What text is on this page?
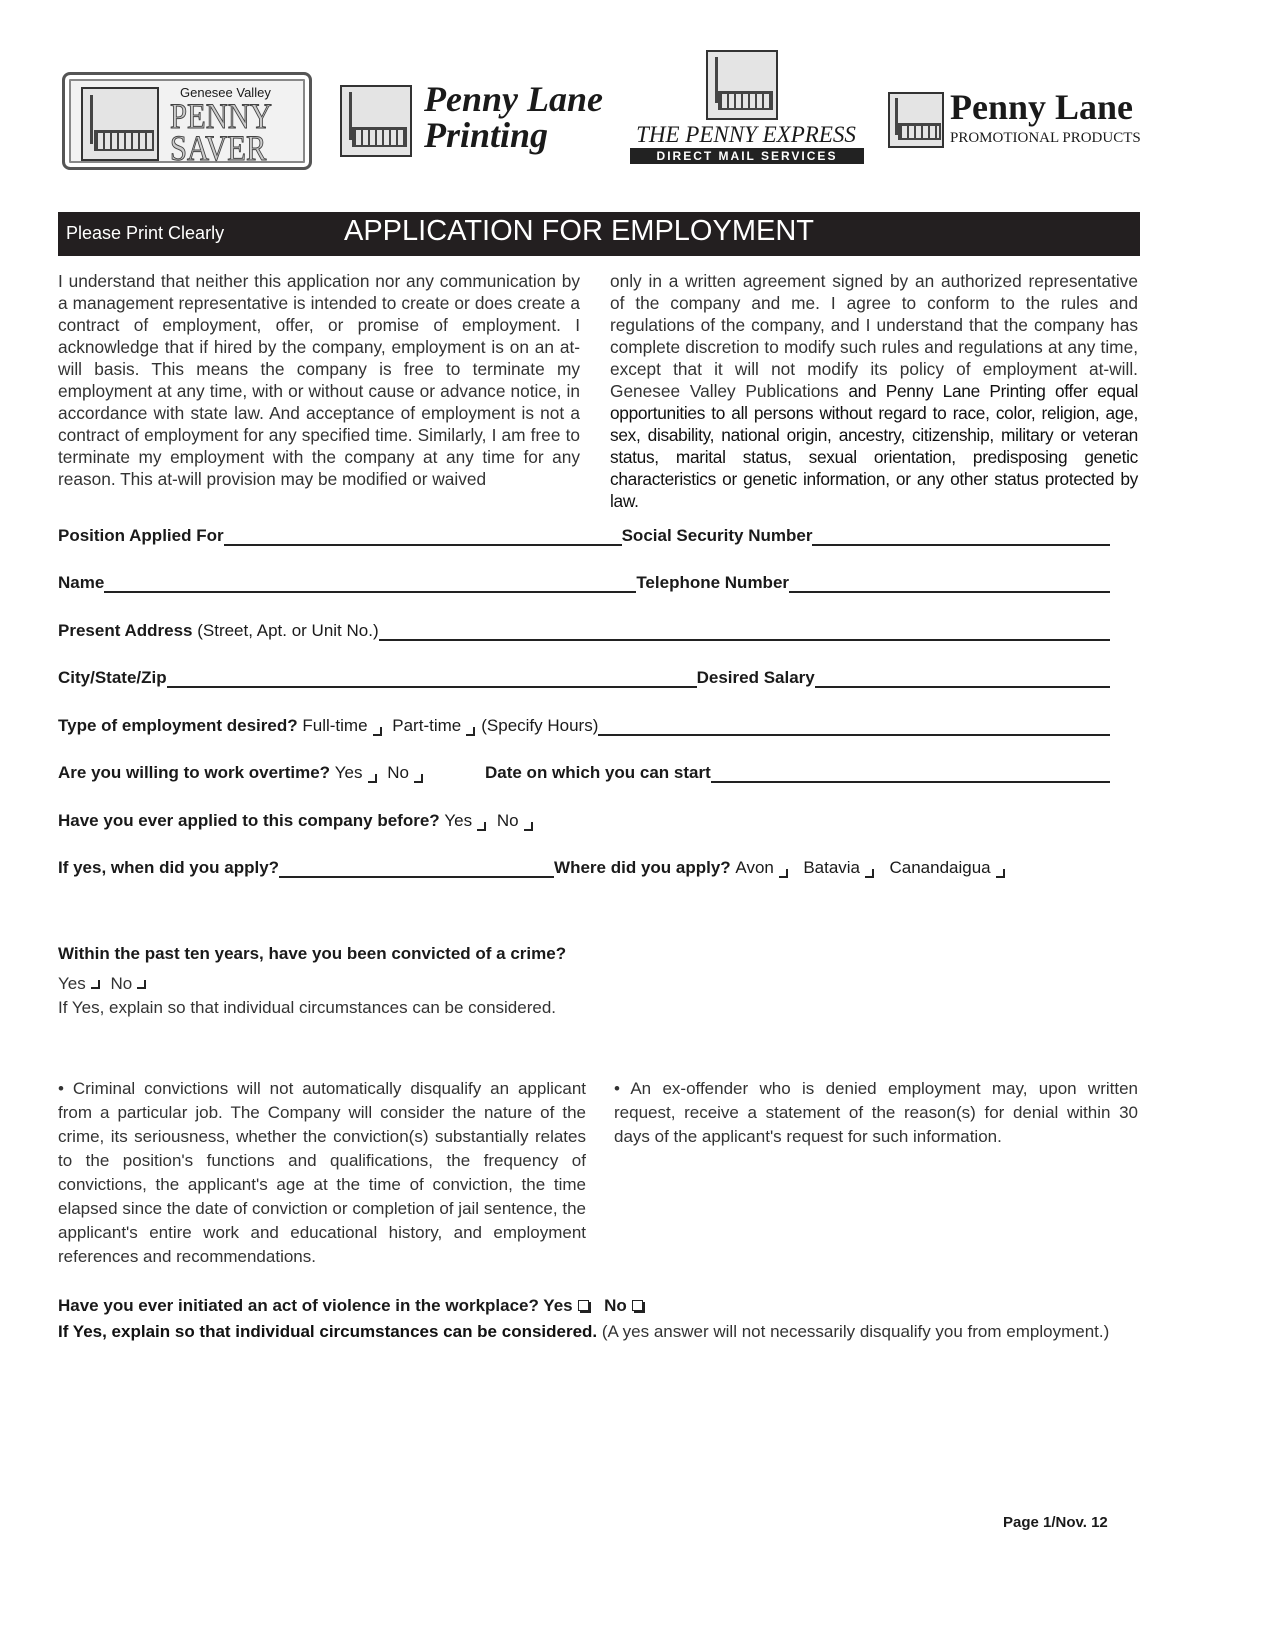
Genesee Valley
PENNY
SAVER
Penny Lane
Printing	THE PENNY EXPRESS
DIRECT MAIL SERVICES
Penny Lane
PROMOTIONAL PRODUCTS
Please Print Clearly	APPLICATION FOR EMPLOYMENT
I understand that neither this application nor any communication by a management representative is intended to create or does create a contract of employment, offer, or promise of employment. I acknowledge that if hired by the company, employment is on an at-will basis. This means the company is free to terminate my employment at any time, with or without cause or advance notice, in accordance with state law. And acceptance of employment is not a contract of employment for any specified time. Similarly, I am free to terminate my employment with the company at any time for any reason. This at-will provision may be modified or waived
only in a written agreement signed by an authorized representative of the company and me. I agree to conform to the rules and regulations of the company, and I understand that the company has complete discretion to modify such rules and regulations at any time, except that it will not modify its policy of employment at-will. Genesee Valley Publications and Penny Lane Printing offer equal opportunities to all persons without regard to race, color, religion, age, sex, disability, national origin, ancestry, citizenship, military or veteran status, marital status, sexual orientation, predisposing genetic characteristics or genetic information, or any other status protected by law.
Position Applied For	Social Security Number
Name	Telephone Number
Present Address
(Street, Apt. or Unit No.)
City/State/Zip	Desired Salary
Type of employment desired?
Full-time
Part-time (Specify Hours)
Are you willing to work overtime?
Yes
No	Date on which you can start
Have you ever applied to this company before?
Yes
No
If yes, when did you apply?	Where did you apply?
Avon
Batavia
Canandaigua
Within the past ten years, have you been convicted of a crime?
Yes No
If Yes, explain so that individual circumstances can be considered.
• Criminal convictions will not automatically disqualify an applicant from a particular job. The Company will consider the nature of the crime, its seriousness, whether the conviction(s) substantially relates to the position's functions and qualifications, the frequency of convictions, the applicant's age at the time of conviction, the time elapsed since the date of conviction or completion of jail sentence, the applicant's entire work and educational history, and employment references and recommendations.
• An ex-offender who is denied employment may, upon written request, receive a statement of the reason(s) for denial within 30 days of the applicant's request for such information.
Have you ever initiated an act of violence in the workplace? Yes No
If Yes, explain so that individual circumstances can be considered. (A yes answer will not necessarily disqualify you from employment.)
Page 1/Nov. 12
